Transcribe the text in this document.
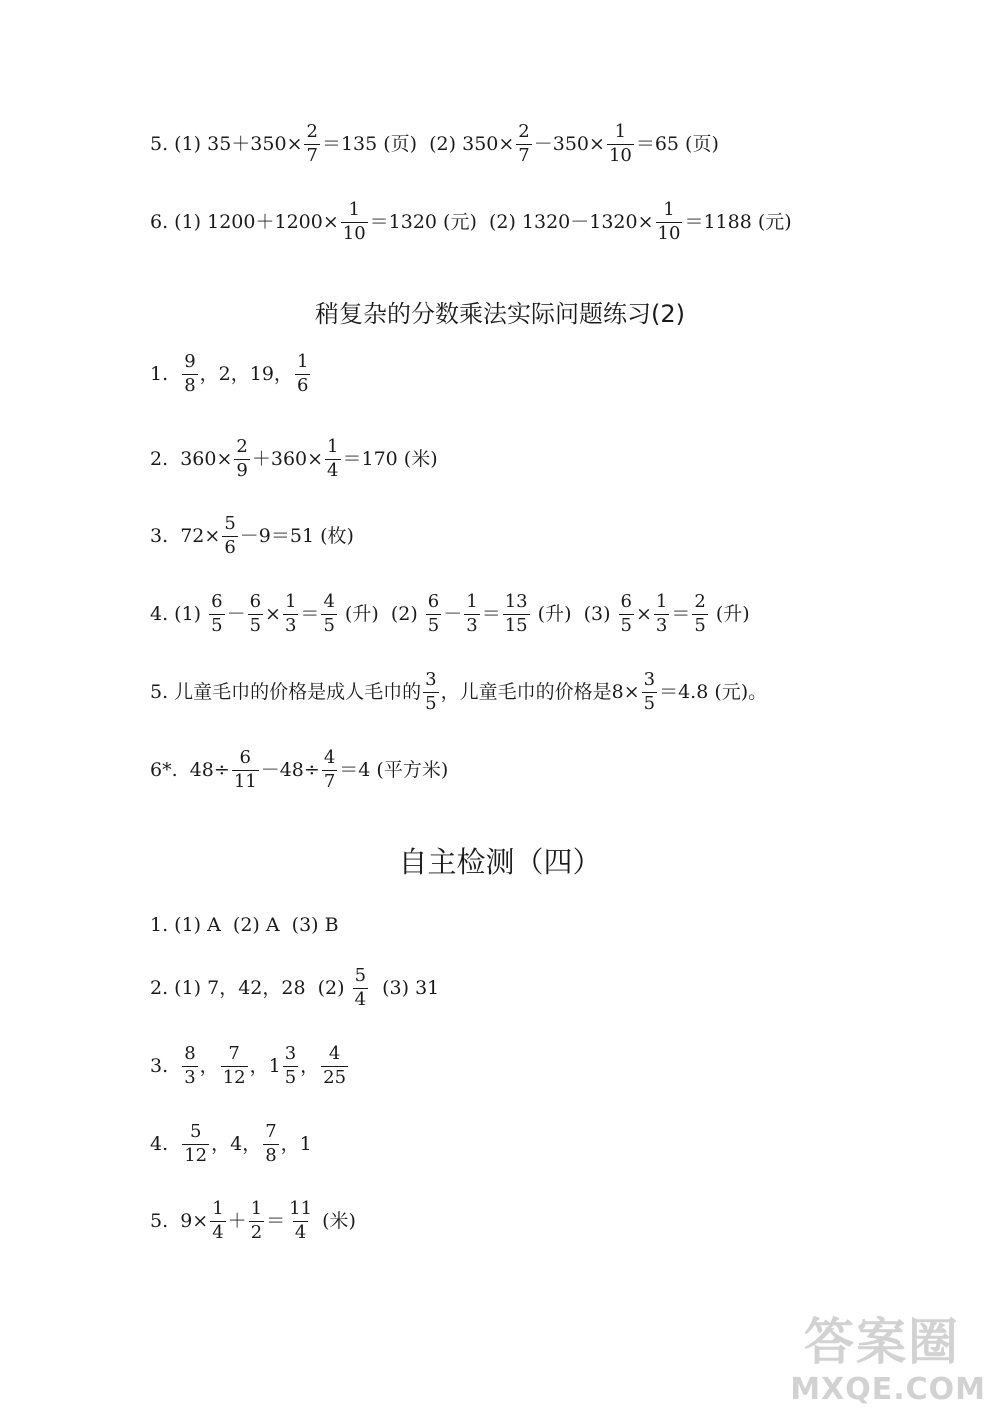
5. (1) $35+350\times \frac{2}{7} =135$ (页)  (2) $350\times \frac{2}{7} -350\times \frac{1}{10} =65$ (页)
6. (1) $1200+1200\times \frac{1}{10} =1320$ (元)  (2) $1320-1320\times \frac{1}{10} =1188$ (元)
稍复杂的分数乘法实际问题练习(2)
1. $\frac{9}{8}$ ，2，19， $\frac{1}{6}$
2.  $360\times \frac{2}{9} +360\times \frac{1}{4} =170$ (米)
3.  $72\times \frac{5}{6} -9=51$ (枚)
4. $(1) \frac{6}{5} - \frac{6}{5} \times \frac{1}{3} = \frac{4}{5}$ (升)  $(2) \frac{6}{5} - \frac{1}{3} = \frac{13}{15}$ (升)  $(3) \frac{6}{5} \times \frac{1}{3} = \frac{2}{5}$ (升)
5. 儿童毛巾的价格是成人毛巾的 $\frac{3}{5}$ ，儿童毛巾的价格是$8\times \frac{3}{5} =4.8$ (元)。
6*.  $48\div \frac{6}{11} -48\div \frac{4}{7} =4$ (平方米)
自主检测（四）
1. (1) A  (2) A  (3) B
2. (1) 7，42，28  $(2) \frac{5}{4} (3)$ 31
3. $\frac{8}{3}$ ， $\frac{7}{12}$ ， $1 \frac{3}{5}$ ， $\frac{4}{25}$
4. $\frac{5}{12}$ ，4， $\frac{7}{8}$ ，1
5.  $9\times \frac{1}{4} + \frac{1}{2} = \frac{11}{4}$ (米)
答案圈
MXQE.COM
